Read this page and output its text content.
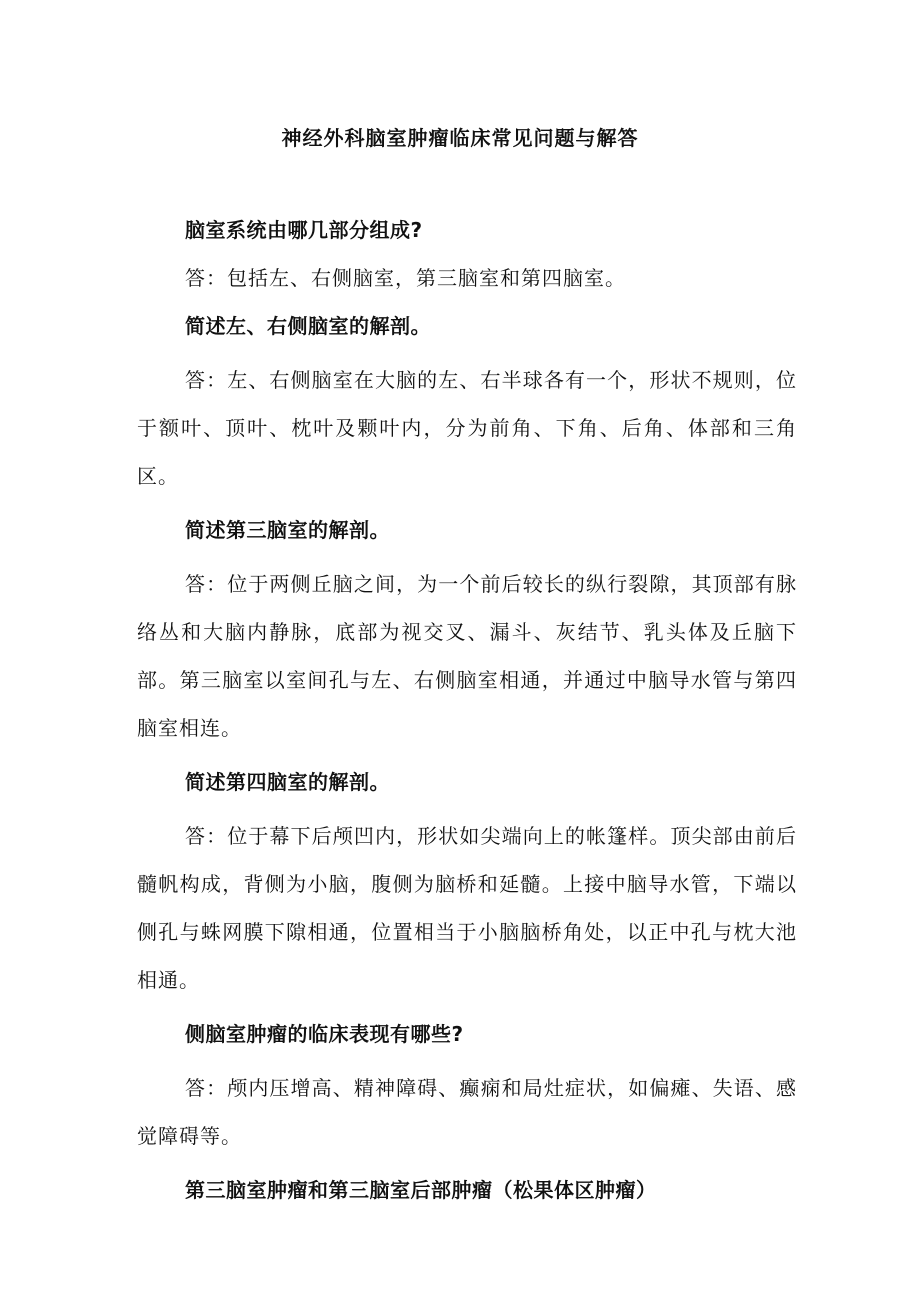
神经外科脑室肿瘤临床常见问题与解答

脑室系统由哪几部分组成?

答：包括左、右侧脑室，第三脑室和第四脑室。

简述左、右侧脑室的解剖。

答：左、右侧脑室在大脑的左、右半球各有一个，形状不规则，位于额叶、顶叶、枕叶及颗叶内，分为前角、下角、后角、体部和三角区。

简述第三脑室的解剖。

答：位于两侧丘脑之间，为一个前后较长的纵行裂隙，其顶部有脉络丛和大脑内静脉，底部为视交叉、漏斗、灰结节、乳头体及丘脑下部。第三脑室以室间孔与左、右侧脑室相通，并通过中脑导水管与第四脑室相连。

简述第四脑室的解剖。

答：位于幕下后颅凹内，形状如尖端向上的帐篷样。顶尖部由前后髓帆构成，背侧为小脑，腹侧为脑桥和延髓。上接中脑导水管，下端以侧孔与蛛网膜下隙相通，位置相当于小脑脑桥角处，以正中孔与枕大池相通。

侧脑室肿瘤的临床表现有哪些?

答：颅内压增高、精神障碍、癫痫和局灶症状，如偏瘫、失语、感觉障碍等。

第三脑室肿瘤和第三脑室后部肿瘤（松果体区肿瘤）
